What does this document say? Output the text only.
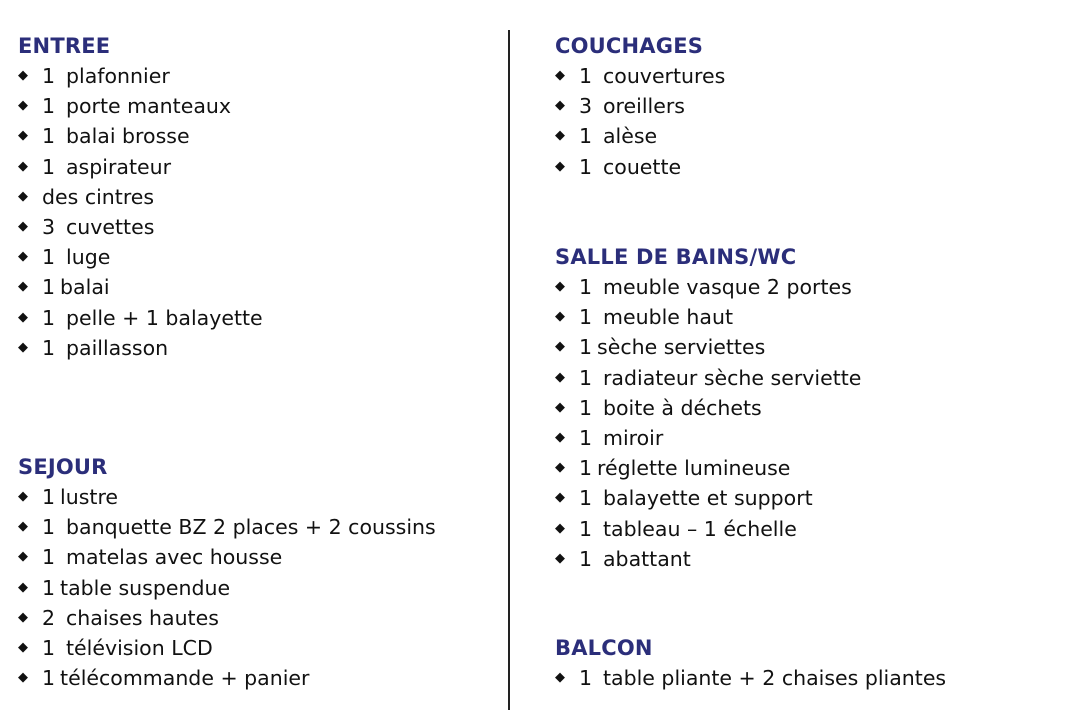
ENTREE
◆ 1 plafonnier
◆ 1 porte manteaux
◆ 1 balai brosse
◆ 1 aspirateur
◆ des cintres
◆ 3 cuvettes
◆ 1 luge
◆ 1 balai
◆ 1 pelle + 1 balayette
◆ 1 paillasson
SEJOUR
◆ 1 lustre
◆ 1 banquette BZ 2 places + 2 coussins
◆ 1 matelas avec housse
◆ 1 table suspendue
◆ 2 chaises hautes
◆ 1 télévision LCD
◆ 1 télécommande + panier
COUCHAGES
◆ 1 couvertures
◆ 3 oreillers
◆ 1 alèse
◆ 1 couette
SALLE DE BAINS/WC
◆ 1 meuble vasque 2 portes
◆ 1 meuble haut
◆ 1 sèche serviettes
◆ 1 radiateur sèche serviette
◆ 1 boite à déchets
◆ 1 miroir
◆ 1 réglette lumineuse
◆ 1 balayette et support
◆ 1 tableau – 1 échelle
◆ 1 abattant
BALCON
◆ 1 table pliante + 2 chaises pliantes
